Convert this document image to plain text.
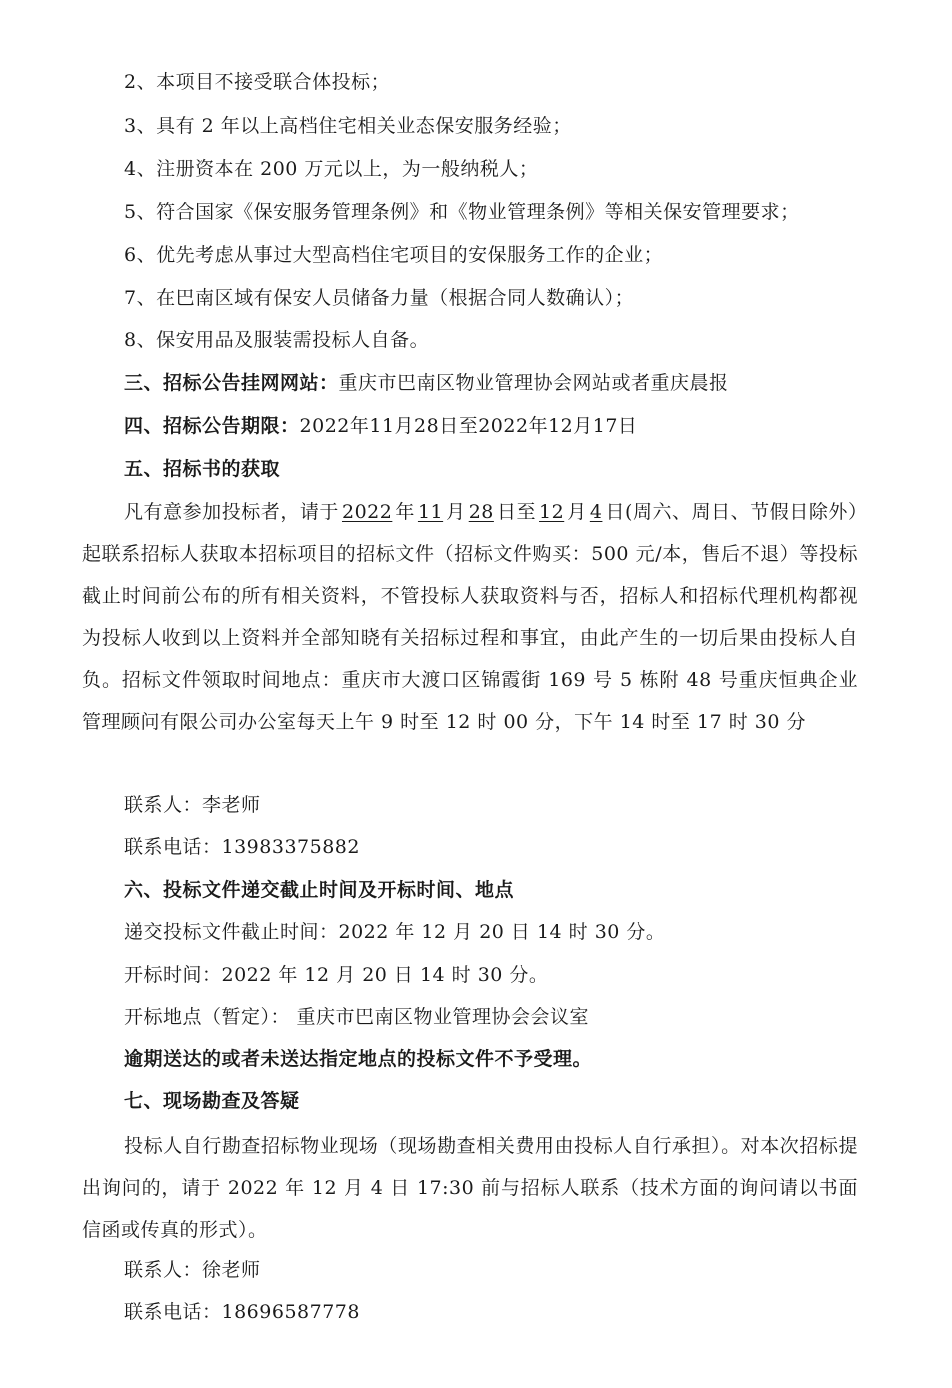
2、本项目不接受联合体投标；
3、具有 2 年以上高档住宅相关业态保安服务经验；
4、注册资本在 200 万元以上，为一般纳税人；
5、符合国家《保安服务管理条例》和《物业管理条例》等相关保安管理要求；
6、优先考虑从事过大型高档住宅项目的安保服务工作的企业；
7、在巴南区域有保安人员储备力量（根据合同人数确认）；
8、保安用品及服装需投标人自备。
三、招标公告挂网网站：重庆市巴南区物业管理协会网站或者重庆晨报
四、招标公告期限：2022年11月28日至2022年12月17日
五、招标书的获取
凡有意参加投标者，请于 2022 年 11 月 28 日至 12 月 4 日(周六、周日、节假日除外）起联系招标人获取本招标项目的招标文件（招标文件购买：500 元/本，售后不退）等投标截止时间前公布的所有相关资料，不管投标人获取资料与否，招标人和招标代理机构都视为投标人收到以上资料并全部知晓有关招标过程和事宜，由此产生的一切后果由投标人自负。招标文件领取时间地点：重庆市大渡口区锦霞街 169 号 5 栋附 48 号重庆恒典企业管理顾问有限公司办公室每天上午 9 时至 12 时 00 分，下午 14 时至 17 时 30 分
联系人：李老师
联系电话：13983375882
六、投标文件递交截止时间及开标时间、地点
递交投标文件截止时间：2022 年 12 月 20 日 14 时 30 分。
开标时间：2022 年 12 月 20 日 14 时 30 分。
开标地点（暂定）： 重庆市巴南区物业管理协会会议室
逾期送达的或者未送达指定地点的投标文件不予受理。
七、现场勘查及答疑
投标人自行勘查招标物业现场（现场勘查相关费用由投标人自行承担）。对本次招标提出询问的，请于 2022 年 12 月 4 日 17:30 前与招标人联系（技术方面的询问请以书面信函或传真的形式）。
联系人：徐老师
联系电话：18696587778
